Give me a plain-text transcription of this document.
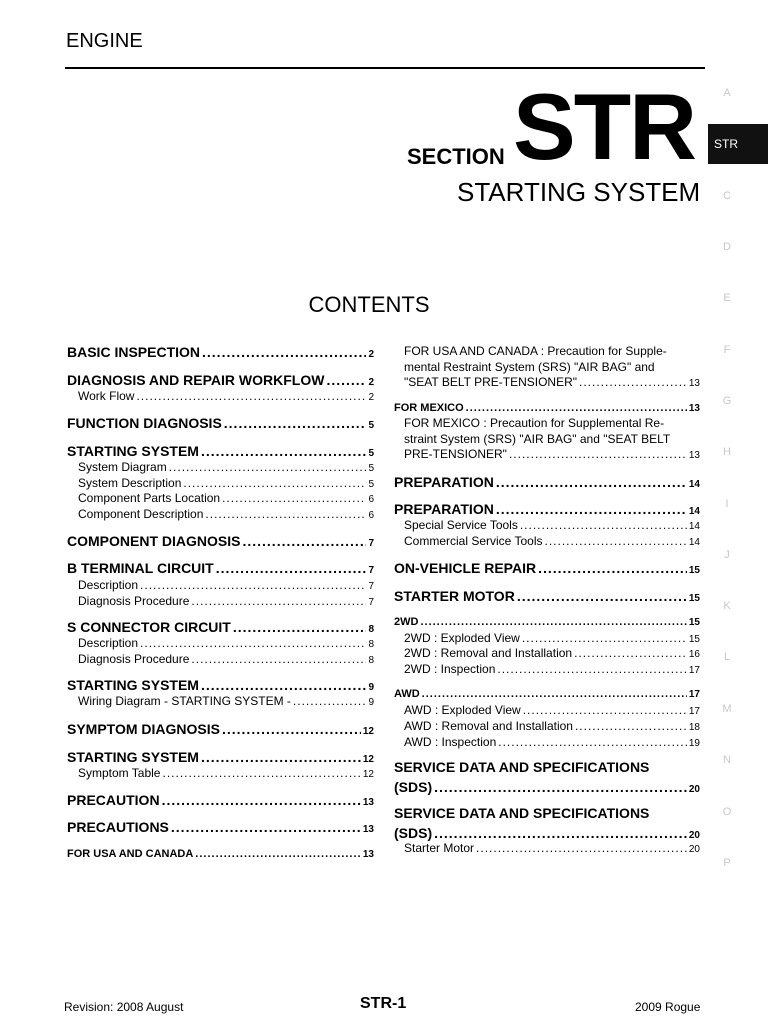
ENGINE
SECTION STR
STARTING SYSTEM
CONTENTS
A
STR
C
D
E
F
G
H
I
J
K
L
M
N
O
P
BASIC INSPECTION .....	2
DIAGNOSIS AND REPAIR WORKFLOW .....	2
Work Flow .....	2
FUNCTION DIAGNOSIS .....	5
STARTING SYSTEM .....	5
System Diagram .....	5
System Description .....	5
Component Parts Location .....	6
Component Description .....	6
COMPONENT DIAGNOSIS .....	7
B TERMINAL CIRCUIT .....	7
Description .....	7
Diagnosis Procedure .....	7
S CONNECTOR CIRCUIT .....	8
Description .....	8
Diagnosis Procedure .....	8
STARTING SYSTEM .....	9
Wiring Diagram - STARTING SYSTEM - .....	9
SYMPTOM DIAGNOSIS .....	12
STARTING SYSTEM .....	12
Symptom Table .....	12
PRECAUTION .....	13
PRECAUTIONS .....	13
FOR USA AND CANADA .....	13
FOR USA AND CANADA : Precaution for Supple-
mental Restraint System (SRS) "AIR BAG" and
"SEAT BELT PRE-TENSIONER" .....	13
FOR MEXICO .....	13
FOR MEXICO : Precaution for Supplemental Re-
straint System (SRS) "AIR BAG" and "SEAT BELT
PRE-TENSIONER" .....	13
PREPARATION .....	14
PREPARATION .....	14
Special Service Tools .....	14
Commercial Service Tools .....	14
ON-VEHICLE REPAIR .....	15
STARTER MOTOR .....	15
2WD .....	15
2WD : Exploded View .....	15
2WD : Removal and Installation .....	16
2WD : Inspection .....	17
AWD .....	17
AWD : Exploded View .....	17
AWD : Removal and Installation .....	18
AWD : Inspection .....	19
SERVICE DATA AND SPECIFICATIONS
(SDS) .....	20
SERVICE DATA AND SPECIFICATIONS
(SDS) .....	20
Starter Motor .....	20
Revision: 2008 August	STR-1	2009 Rogue
